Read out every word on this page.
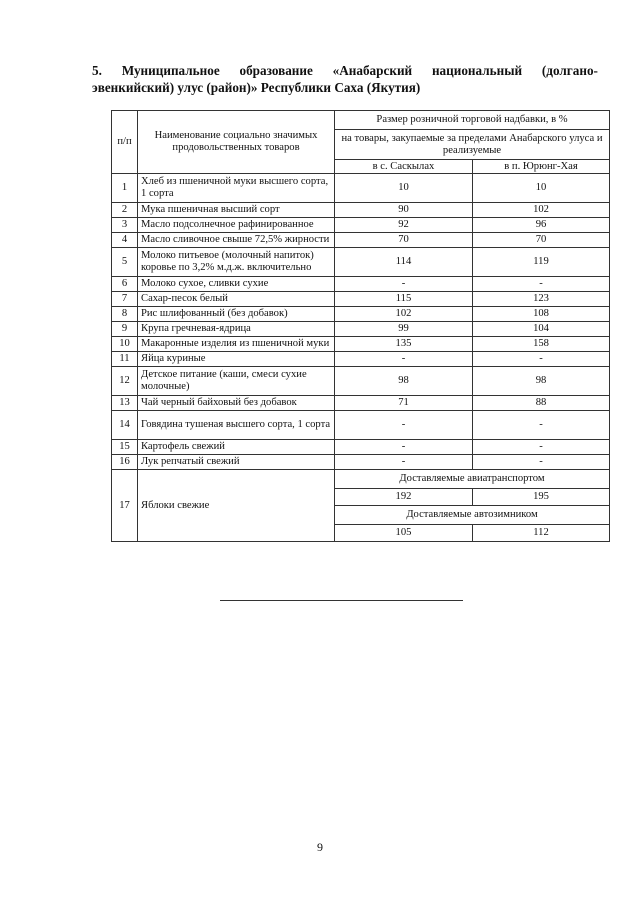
5. Муниципальное образование «Анабарский национальный (долгано-
эвенкийский) улус (район)» Республики Саха (Якутия)
п/п	Наименование социально значимых продовольственных товаров	Размер розничной торговой надбавки, в %	
		на товары, закупаемые за пределами Анабарского улуса и реализуемые	
		в с. Саскылах	в п. Юрюнг-Хая
1	Хлеб из пшеничной муки высшего сорта, 1 сорта	10	10
2	Мука пшеничная высший сорт	90	102
3	Масло подсолнечное рафинированное	92	96
4	Масло сливочное свыше 72,5% жирности	70	70
5	Молоко питьевое (молочный напиток) коровье по 3,2% м.д.ж. включительно	114	119
6	Молоко сухое, сливки сухие	-	-
7	Сахар-песок белый	115	123
8	Рис шлифованный (без добавок)	102	108
9	Крупа гречневая-ядрица	99	104
10	Макаронные изделия из пшеничной муки	135	158
11	Яйца куриные	-	-
12	Детское питание (каши, смеси сухие молочные)	98	98
13	Чай черный байховый без добавок	71	88
14	Говядина тушеная высшего сорта, 1 сорта	-	-
15	Картофель свежий	-	-
16	Лук репчатый свежий	-	-
17	Яблоки свежие	Доставляемые авиатранспортом	
		192	195
		Доставляемые автозимником	
		105	112
9
